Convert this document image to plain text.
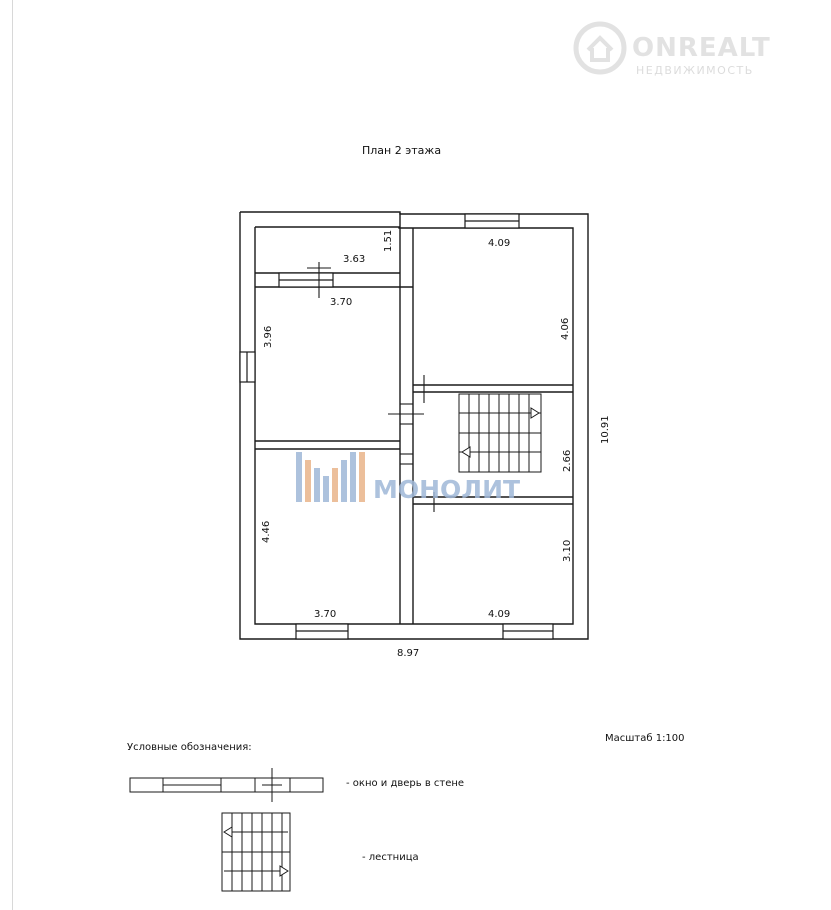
ONREALT
НЕДВИЖИМОСТЬ
План 2 этажа
МОНОЛИТ
3.63
1.51	4.09
3.70
3.96	4.06
10.91
2.66
4.46
3.10
3.70	4.09
8.97
Масштаб 1:100
Условные обозначения:
- окно и дверь в стене
- лестница
